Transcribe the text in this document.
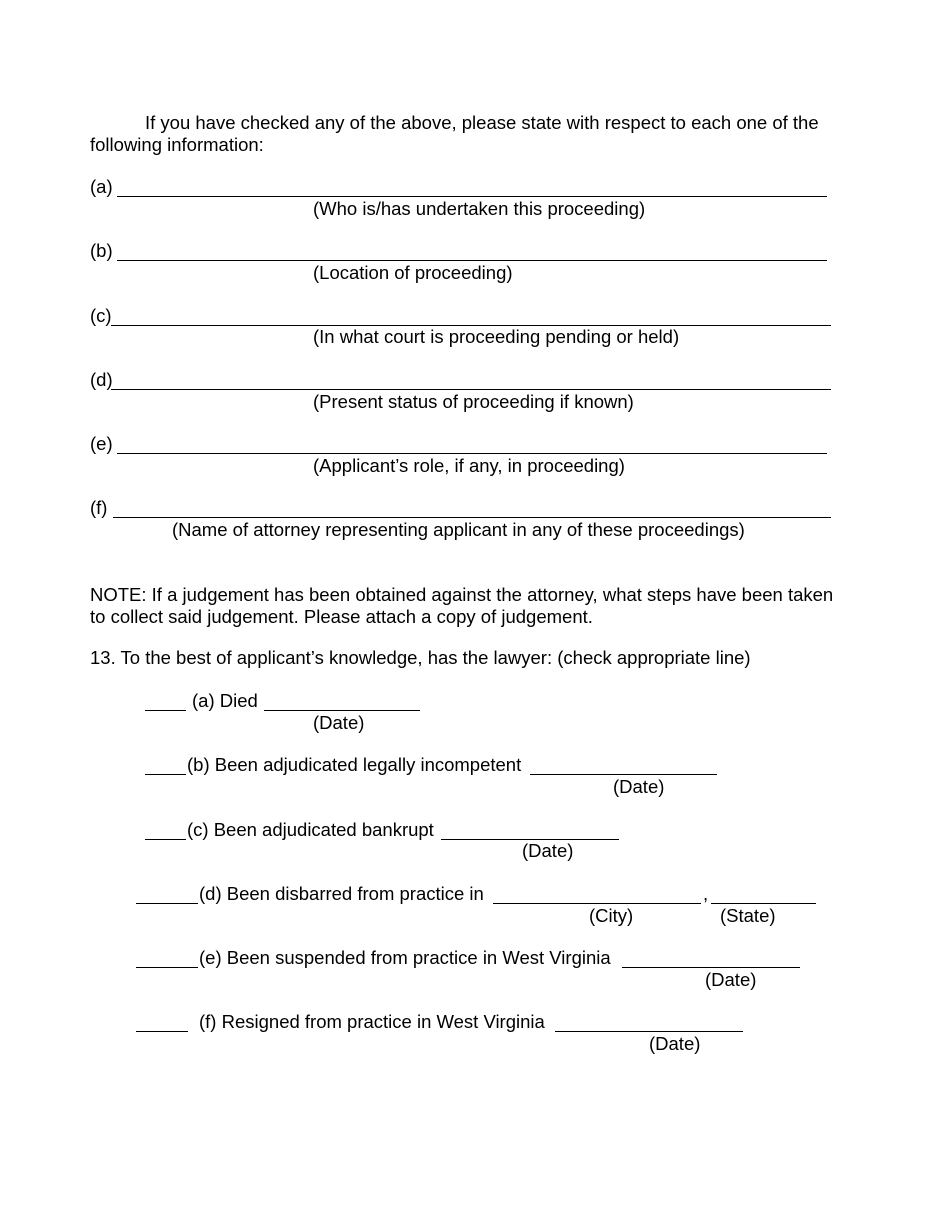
If you have checked any of the above, please state with respect to each one of the
following information:
(a)
(Who is/has undertaken this proceeding)
(b)
(Location of proceeding)
(c)
(In what court is proceeding pending or held)
(d)
(Present status of proceeding if known)
(e)
(Applicant’s role, if any, in proceeding)
(f)
(Name of attorney representing applicant in any of these proceedings)
NOTE: If a judgement has been obtained against the attorney, what steps have been taken
to collect said judgement. Please attach a copy of judgement.
13. To the best of applicant’s knowledge, has the lawyer: (check appropriate line)
(a) Died
(Date)
(b) Been adjudicated legally incompetent
(Date)
(c) Been adjudicated bankrupt
(Date)
(d) Been disbarred from practice in	,
(City)	(State)
(e) Been suspended from practice in West Virginia
(Date)
(f) Resigned from practice in West Virginia
(Date)
